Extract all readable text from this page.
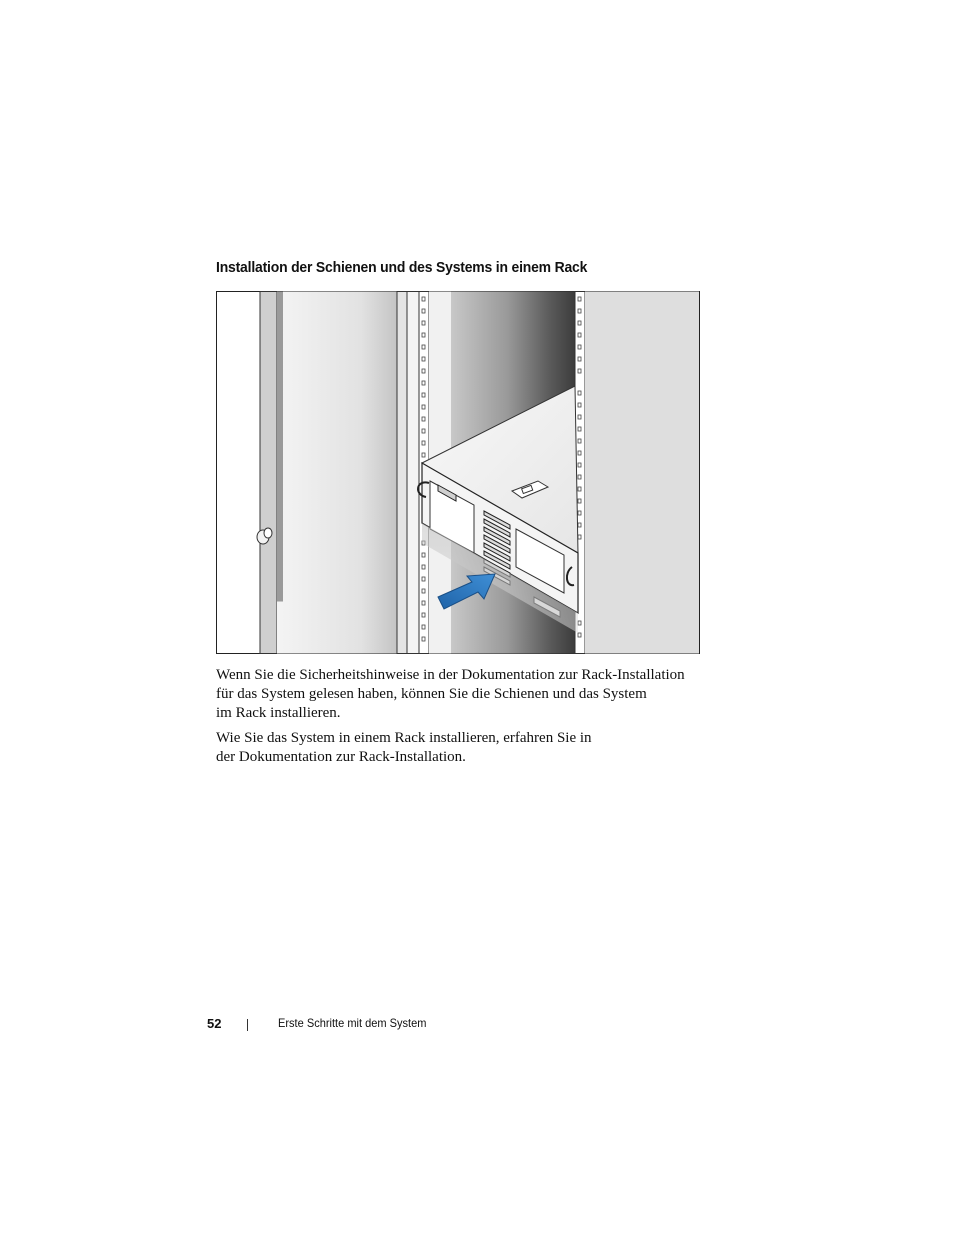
Installation der Schienen und des Systems in einem Rack

Wenn Sie die Sicherheitshinweise in der Dokumentation zur Rack-Installation
für das System gelesen haben, können Sie die Schienen und das System
im Rack installieren.

Wie Sie das System in einem Rack installieren, erfahren Sie in
der Dokumentation zur Rack-Installation.

52	Erste Schritte mit dem System
